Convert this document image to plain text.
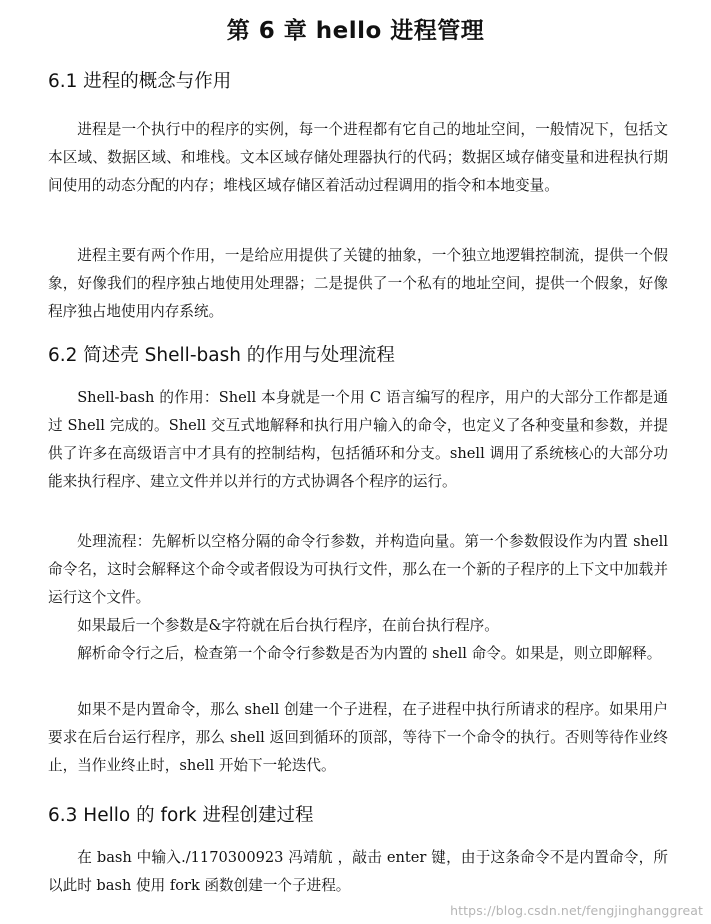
第 6 章 hello 进程管理
6.1 进程的概念与作用

进程是一个执行中的程序的实例，每一个进程都有它自己的地址空间，一般情况下，包括文本区域、数据区域、和堆栈。文本区域存储处理器执行的代码；数据区域存储变量和进程执行期间使用的动态分配的内存；堆栈区域存储区着活动过程调用的指令和本地变量。

进程主要有两个作用，一是给应用提供了关键的抽象，一个独立地逻辑控制流，提供一个假象，好像我们的程序独占地使用处理器；二是提供了一个私有的地址空间，提供一个假象，好像程序独占地使用内存系统。

6.2 简述壳 Shell-bash 的作用与处理流程

Shell-bash 的作用：Shell 本身就是一个用 C 语言编写的程序，用户的大部分工作都是通过 Shell 完成的。Shell 交互式地解释和执行用户输入的命令，也定义了各种变量和参数，并提供了许多在高级语言中才具有的控制结构，包括循环和分支。shell 调用了系统核心的大部分功能来执行程序、建立文件并以并行的方式协调各个程序的运行。

处理流程：先解析以空格分隔的命令行参数，并构造向量。第一个参数假设作为内置 shell 命令名，这时会解释这个命令或者假设为可执行文件，那么在一个新的子程序的上下文中加载并运行这个文件。

如果最后一个参数是&字符就在后台执行程序，在前台执行程序。

解析命令行之后，检查第一个命令行参数是否为内置的 shell 命令。如果是，则立即解释。

如果不是内置命令，那么 shell 创建一个子进程，在子进程中执行所请求的程序。如果用户要求在后台运行程序，那么 shell 返回到循环的顶部，等待下一个命令的执行。否则等待作业终止，当作业终止时，shell 开始下一轮迭代。

6.3 Hello 的 fork 进程创建过程

在 bash 中输入./1170300923 冯靖航 ，敲击 enter 键，由于这条命令不是内置命令，所以此时 bash 使用 fork 函数创建一个子进程。

https://blog.csdn.net/fengjinghanggreat
